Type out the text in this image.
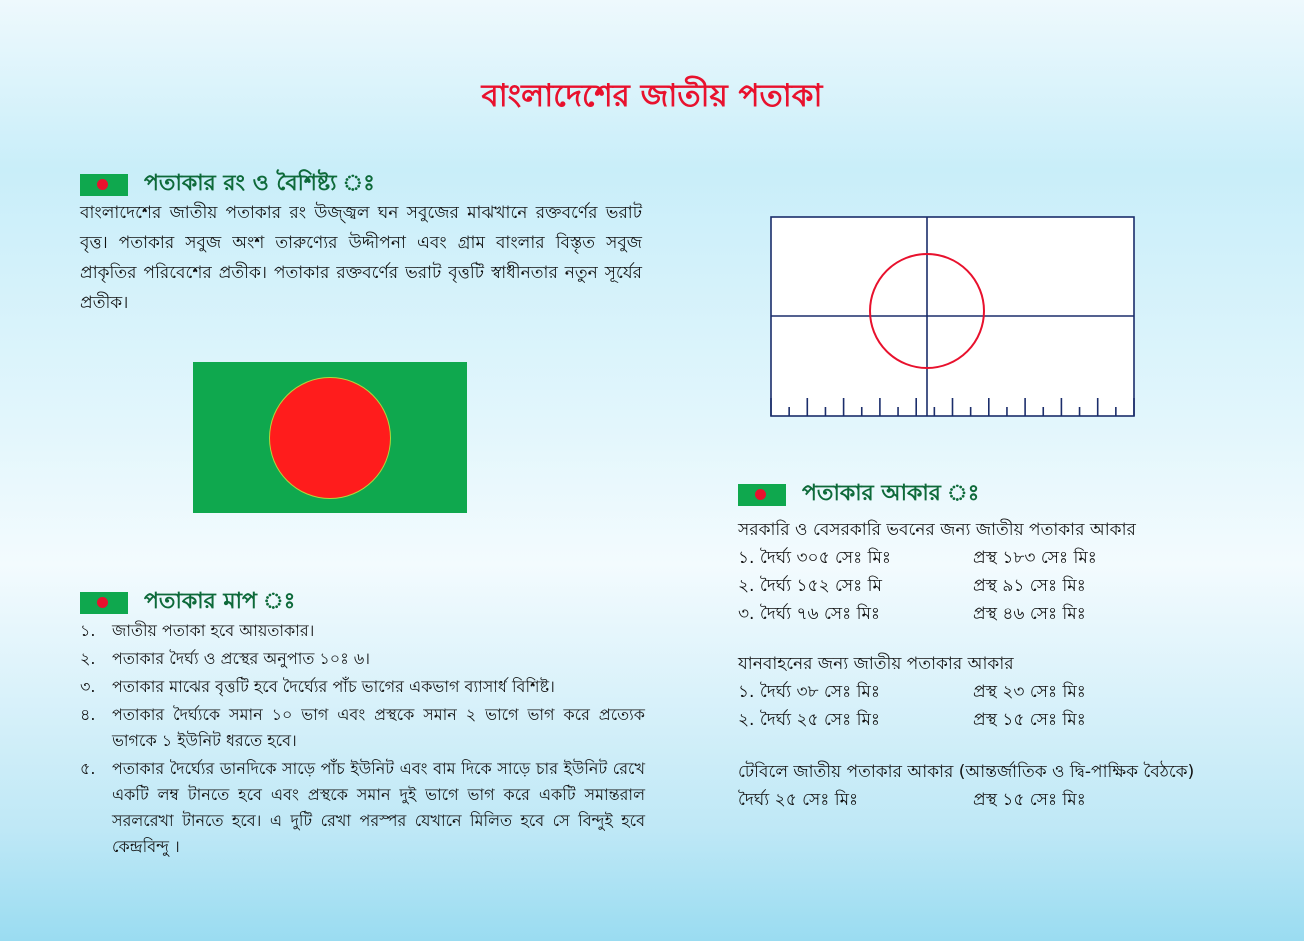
বাংলাদেশের জাতীয় পতাকা
পতাকার রং ও বৈশিষ্ট্য ঃ
বাংলাদেশের জাতীয় পতাকার রং উজ্জ্বল ঘন সবুজের মাঝখানে রক্তবর্ণের ভরাট বৃত্ত। পতাকার সবুজ অংশ তারুণ্যের উদ্দীপনা এবং গ্রাম বাংলার বিস্তৃত সবুজ প্রাকৃতির পরিবেশের প্রতীক। পতাকার রক্তবর্ণের ভরাট বৃত্তটি স্বাধীনতার নতুন সূর্যের প্রতীক।
পতাকার মাপ ঃ
১.	জাতীয় পতাকা হবে আয়তাকার।
২.	পতাকার দৈর্ঘ্য ও প্রস্থের অনুপাত ১০ঃ ৬।
৩.	পতাকার মাঝের বৃত্তটি হবে দৈর্ঘ্যের পাঁচ ভাগের একভাগ ব্যাসার্ধ বিশিষ্ট।
৪.	পতাকার দৈর্ঘ্যকে সমান ১০ ভাগ এবং প্রস্থকে সমান ২ ভাগে ভাগ করে প্রত্যেক ভাগকে ১ ইউনিট ধরতে হবে।
৫.	পতাকার দৈর্ঘ্যের ডানদিকে সাড়ে পাঁচ ইউনিট এবং বাম দিকে সাড়ে চার ইউনিট রেখে একটি লম্ব টানতে হবে এবং প্রস্থকে সমান দুই ভাগে ভাগ করে একটি সমান্তরাল সরলরেখা টানতে হবে। এ দুটি রেখা পরস্পর যেখানে মিলিত হবে সে বিন্দুই হবে কেন্দ্রবিন্দু ।
পতাকার আকার ঃ
সরকারি ও বেসরকারি ভবনের জন্য জাতীয় পতাকার আকার
১. দৈর্ঘ্য ৩০৫ সেঃ মিঃ	প্রস্থ ১৮৩ সেঃ মিঃ
২. দৈর্ঘ্য ১৫২ সেঃ মি	প্রস্থ ৯১ সেঃ মিঃ
৩. দৈর্ঘ্য ৭৬ সেঃ মিঃ	প্রস্থ ৪৬ সেঃ মিঃ
যানবাহনের জন্য জাতীয় পতাকার আকার
১. দৈর্ঘ্য ৩৮ সেঃ মিঃ	প্রস্থ ২৩ সেঃ মিঃ
২. দৈর্ঘ্য ২৫ সেঃ মিঃ	প্রস্থ ১৫ সেঃ মিঃ
টেবিলে জাতীয় পতাকার আকার (আন্তর্জাতিক ও দ্বি-পাক্ষিক বৈঠকে)
দৈর্ঘ্য ২৫ সেঃ মিঃ	প্রস্থ ১৫ সেঃ মিঃ
